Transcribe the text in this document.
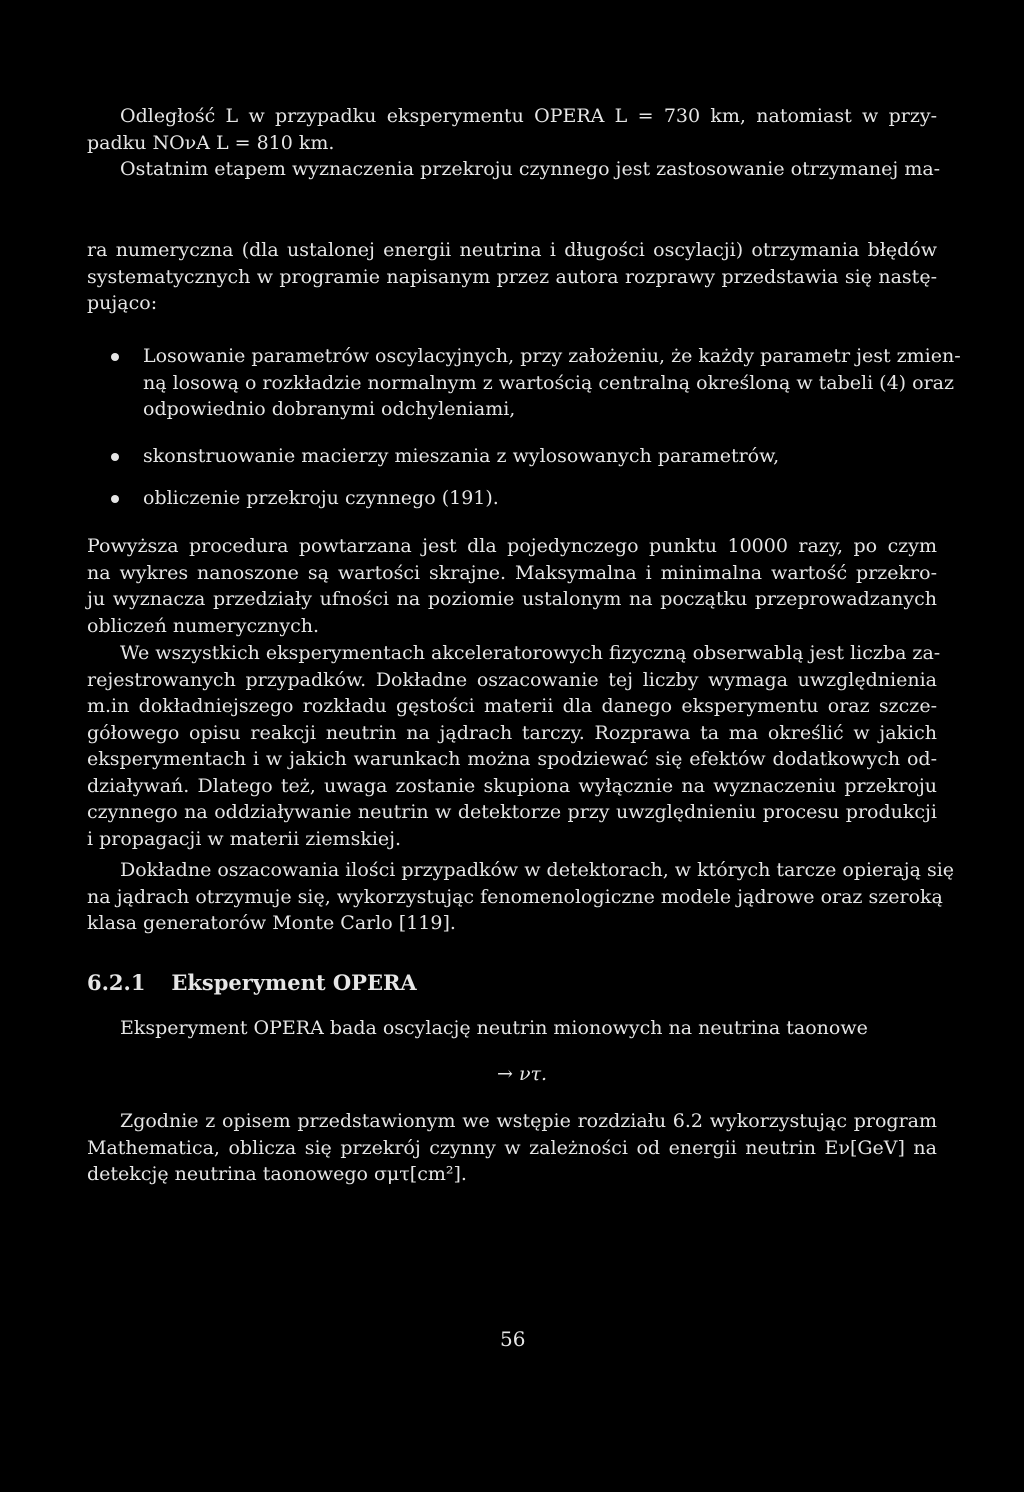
Odległość L w przypadku eksperymentu OPERA L = 730 km, natomiast w przy-
padku NOνA L = 810 km.
Ostatnim etapem wyznaczenia przekroju czynnego jest zastosowanie otrzymanej ma-
ra numeryczna (dla ustalonej energii neutrina i długości oscylacji) otrzymania błędów
systematycznych w programie napisanym przez autora rozprawy przedstawia się nastę-
pująco:
Losowanie parametrów oscylacyjnych, przy założeniu, że każdy parametr jest zmien-
ną losową o rozkładzie normalnym z wartością centralną określoną w tabeli (4) oraz
odpowiednio dobranymi odchyleniami,
skonstruowanie macierzy mieszania z wylosowanych parametrów,
obliczenie przekroju czynnego (191).
Powyższa procedura powtarzana jest dla pojedynczego punktu 10000 razy, po czym
na wykres nanoszone są wartości skrajne. Maksymalna i minimalna wartość przekro-
ju wyznacza przedziały ufności na poziomie ustalonym na początku przeprowadzanych
obliczeń numerycznych.
We wszystkich eksperymentach akceleratorowych fizyczną obserwablą jest liczba za-
rejestrowanych przypadków. Dokładne oszacowanie tej liczby wymaga uwzględnienia
m.in dokładniejszego rozkładu gęstości materii dla danego eksperymentu oraz szcze-
gółowego opisu reakcji neutrin na jądrach tarczy. Rozprawa ta ma określić w jakich
eksperymentach i w jakich warunkach można spodziewać się efektów dodatkowych od-
działywań. Dlatego też, uwaga zostanie skupiona wyłącznie na wyznaczeniu przekroju
czynnego na oddziaływanie neutrin w detektorze przy uwzględnieniu procesu produkcji
i propagacji w materii ziemskiej.
Dokładne oszacowania ilości przypadków w detektorach, w których tarcze opierają się
na jądrach otrzymuje się, wykorzystując fenomenologiczne modele jądrowe oraz szeroką
klasa generatorów Monte Carlo [119].
6.2.1 Eksperyment OPERA
Eksperyment OPERA bada oscylację neutrin mionowych na neutrina taonowe
→ ντ.
Zgodnie z opisem przedstawionym we wstępie rozdziału 6.2 wykorzystując program
Mathematica, oblicza się przekrój czynny w zależności od energii neutrin Eν[GeV] na
detekcję neutrina taonowego σμτ[cm²].
56
